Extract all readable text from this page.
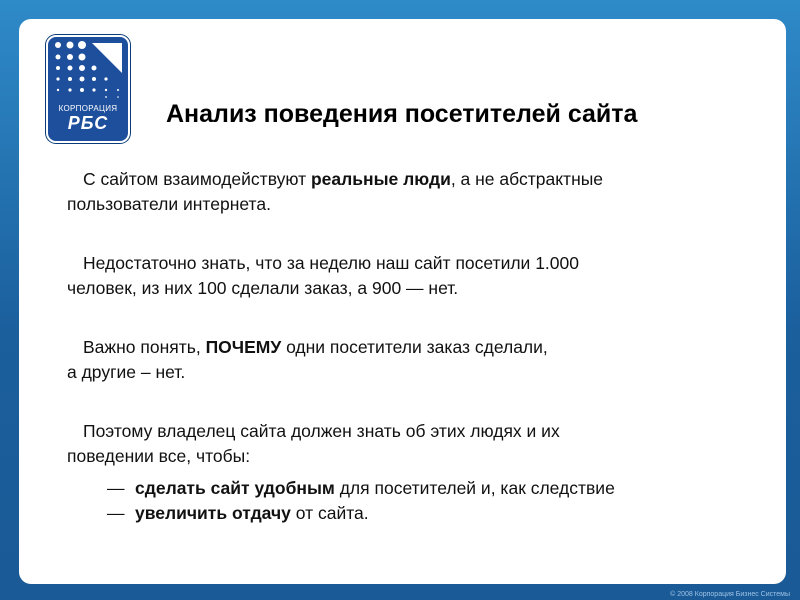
КОРПОРАЦИЯ
РБС	Анализ поведения посетителей сайта

С сайтом взаимодействуют реальные люди, а не абстрактные
пользователи интернета.

Недостаточно знать, что за неделю наш сайт посетили 1.000
человек, из них 100 сделали заказ, а 900 — нет.

Важно понять, ПОЧЕМУ одни посетители заказ сделали,
а другие – нет.

Поэтому владелец сайта должен знать об этих людях и их
поведении все, чтобы:

— сделать сайт удобным для посетителей и, как следствие

— увеличить отдачу от сайта.

© 2008 Корпорация Бизнес Системы
